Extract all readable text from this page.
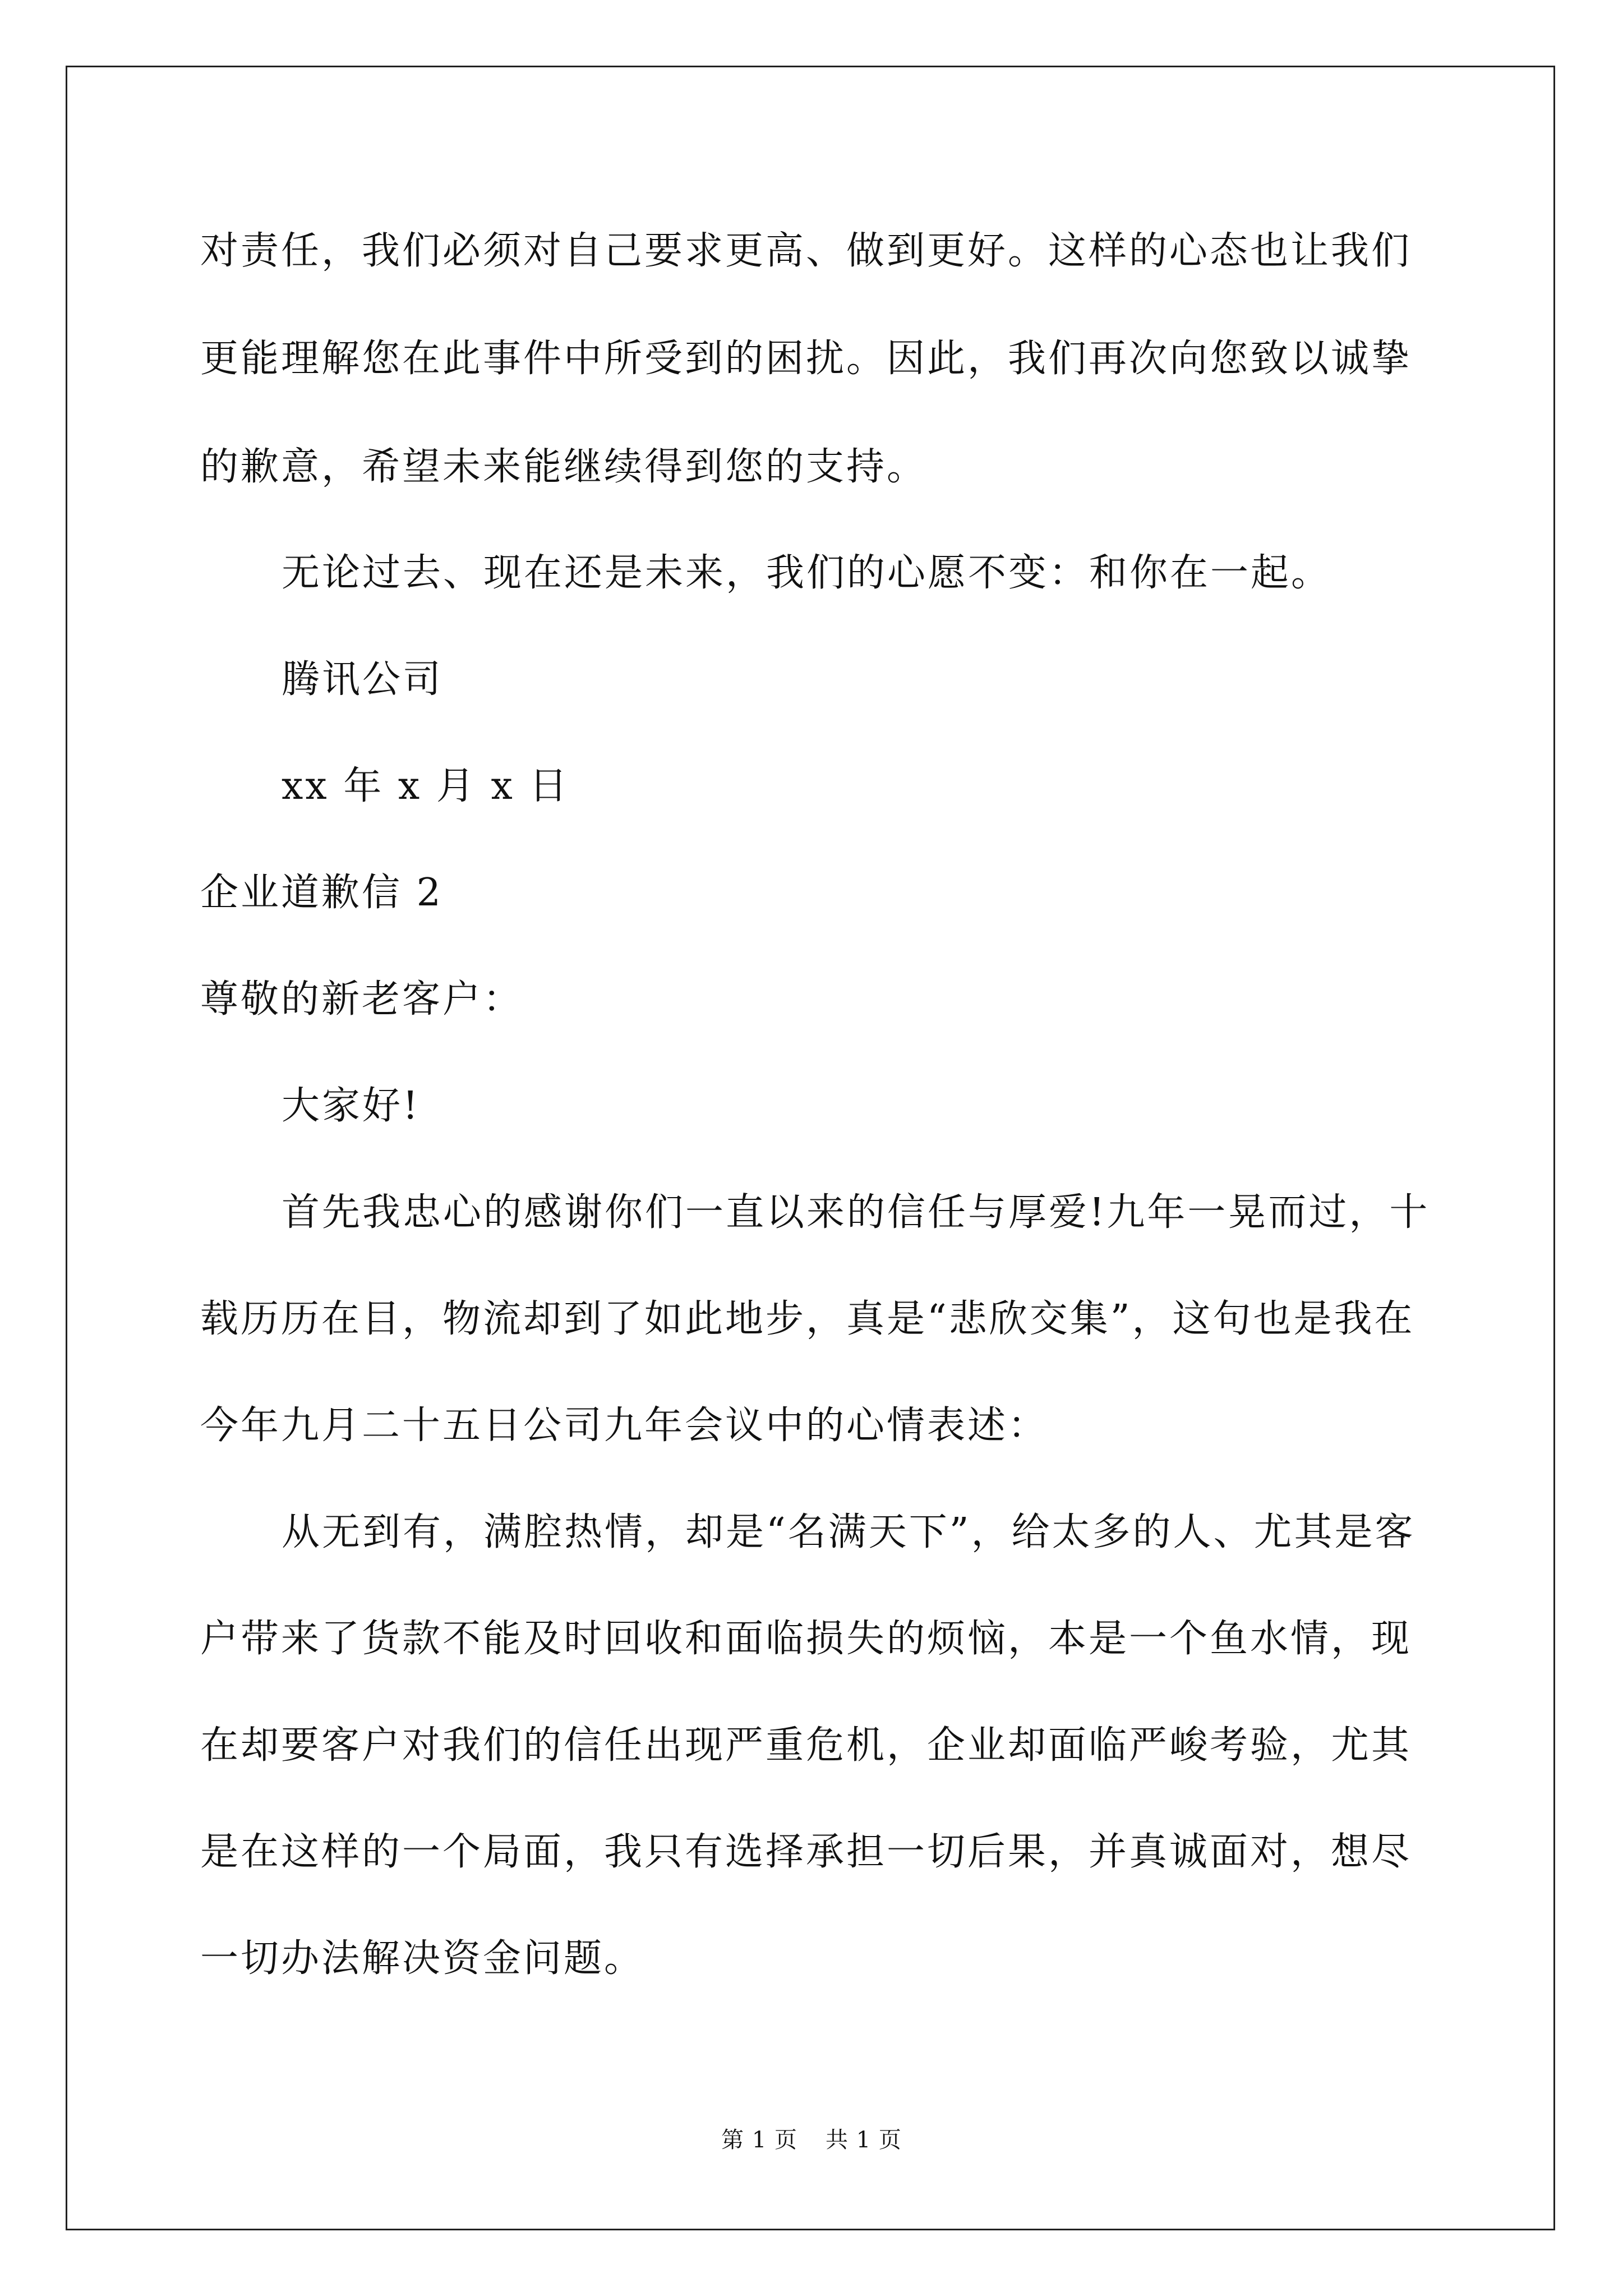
对责任，我们必须对自己要求更高、做到更好。这样的心态也让我们
更能理解您在此事件中所受到的困扰。因此，我们再次向您致以诚挚
的歉意，希望未来能继续得到您的支持。
无论过去、现在还是未来，我们的心愿不变：和你在一起。
腾讯公司
xx 年 x 月 x 日
企业道歉信 2
尊敬的新老客户：
大家好!
首先我忠心的感谢你们一直以来的信任与厚爱!九年一晃而过，十
载历历在目，物流却到了如此地步，真是“悲欣交集”，这句也是我在
今年九月二十五日公司九年会议中的心情表述：
从无到有，满腔热情，却是“名满天下”，给太多的人、尤其是客
户带来了货款不能及时回收和面临损失的烦恼，本是一个鱼水情，现
在却要客户对我们的信任出现严重危机，企业却面临严峻考验，尤其
是在这样的一个局面，我只有选择承担一切后果，并真诚面对，想尽
一切办法解决资金问题。
第 1 页 共 1 页
